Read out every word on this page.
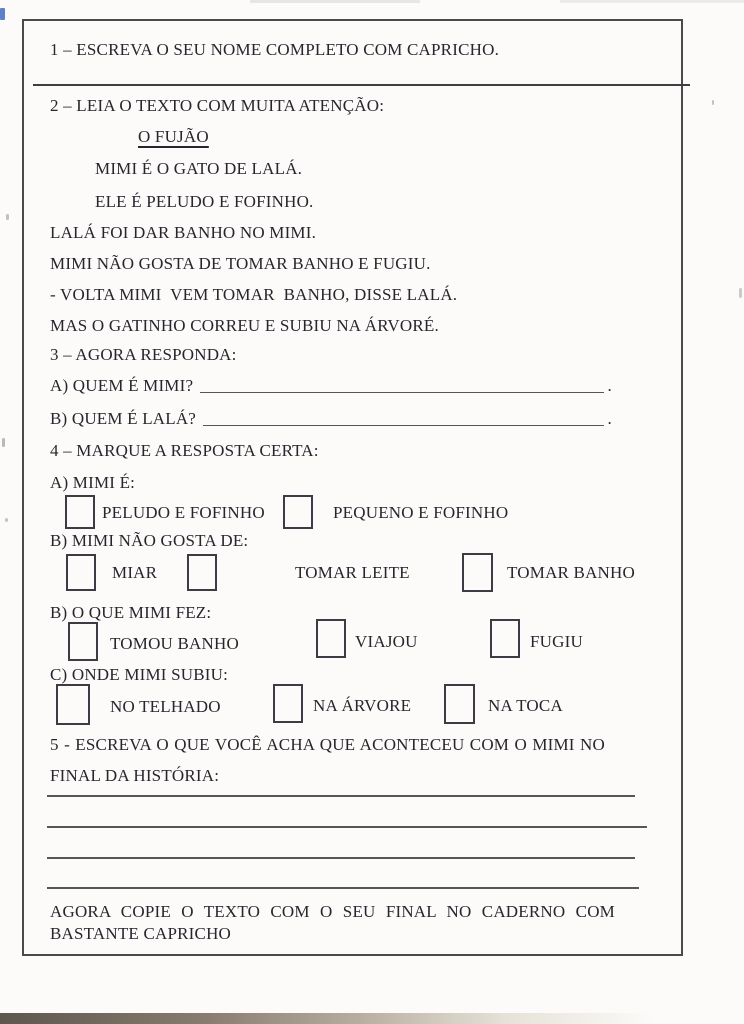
1 – ESCREVA O SEU NOME COMPLETO COM CAPRICHO.
2 – LEIA O TEXTO COM MUITA ATENÇÃO:
O FUJÃO
MIMI É O GATO DE LALÁ.
ELE É PELUDO E FOFINHO.
LALÁ FOI DAR BANHO NO MIMI.
MIMI NÃO GOSTA DE TOMAR BANHO E FUGIU.
- VOLTA MIMI  VEM TOMAR  BANHO, DISSE LALÁ.
MAS O GATINHO CORREU E SUBIU NA ÁRVORÉ.
3 – AGORA RESPONDA:
A) QUEM É MIMI?	.
B) QUEM É LALÁ?	.
4 – MARQUE A RESPOSTA CERTA:
A) MIMI É:
PELUDO E FOFINHO	PEQUENO E FOFINHO
B) MIMI NÃO GOSTA DE:
MIAR	TOMAR LEITE	TOMAR BANHO
B) O QUE MIMI FEZ:
TOMOU BANHO	VIAJOU	FUGIU
C) ONDE MIMI SUBIU:
NO TELHADO	NA ÁRVORE	NA TOCA
5 - ESCREVA O QUE VOCÊ ACHA QUE ACONTECEU COM O MIMI NO FINAL DA HISTÓRIA:
AGORA COPIE O TEXTO COM O SEU FINAL NO CADERNO COM BASTANTE CAPRICHO
